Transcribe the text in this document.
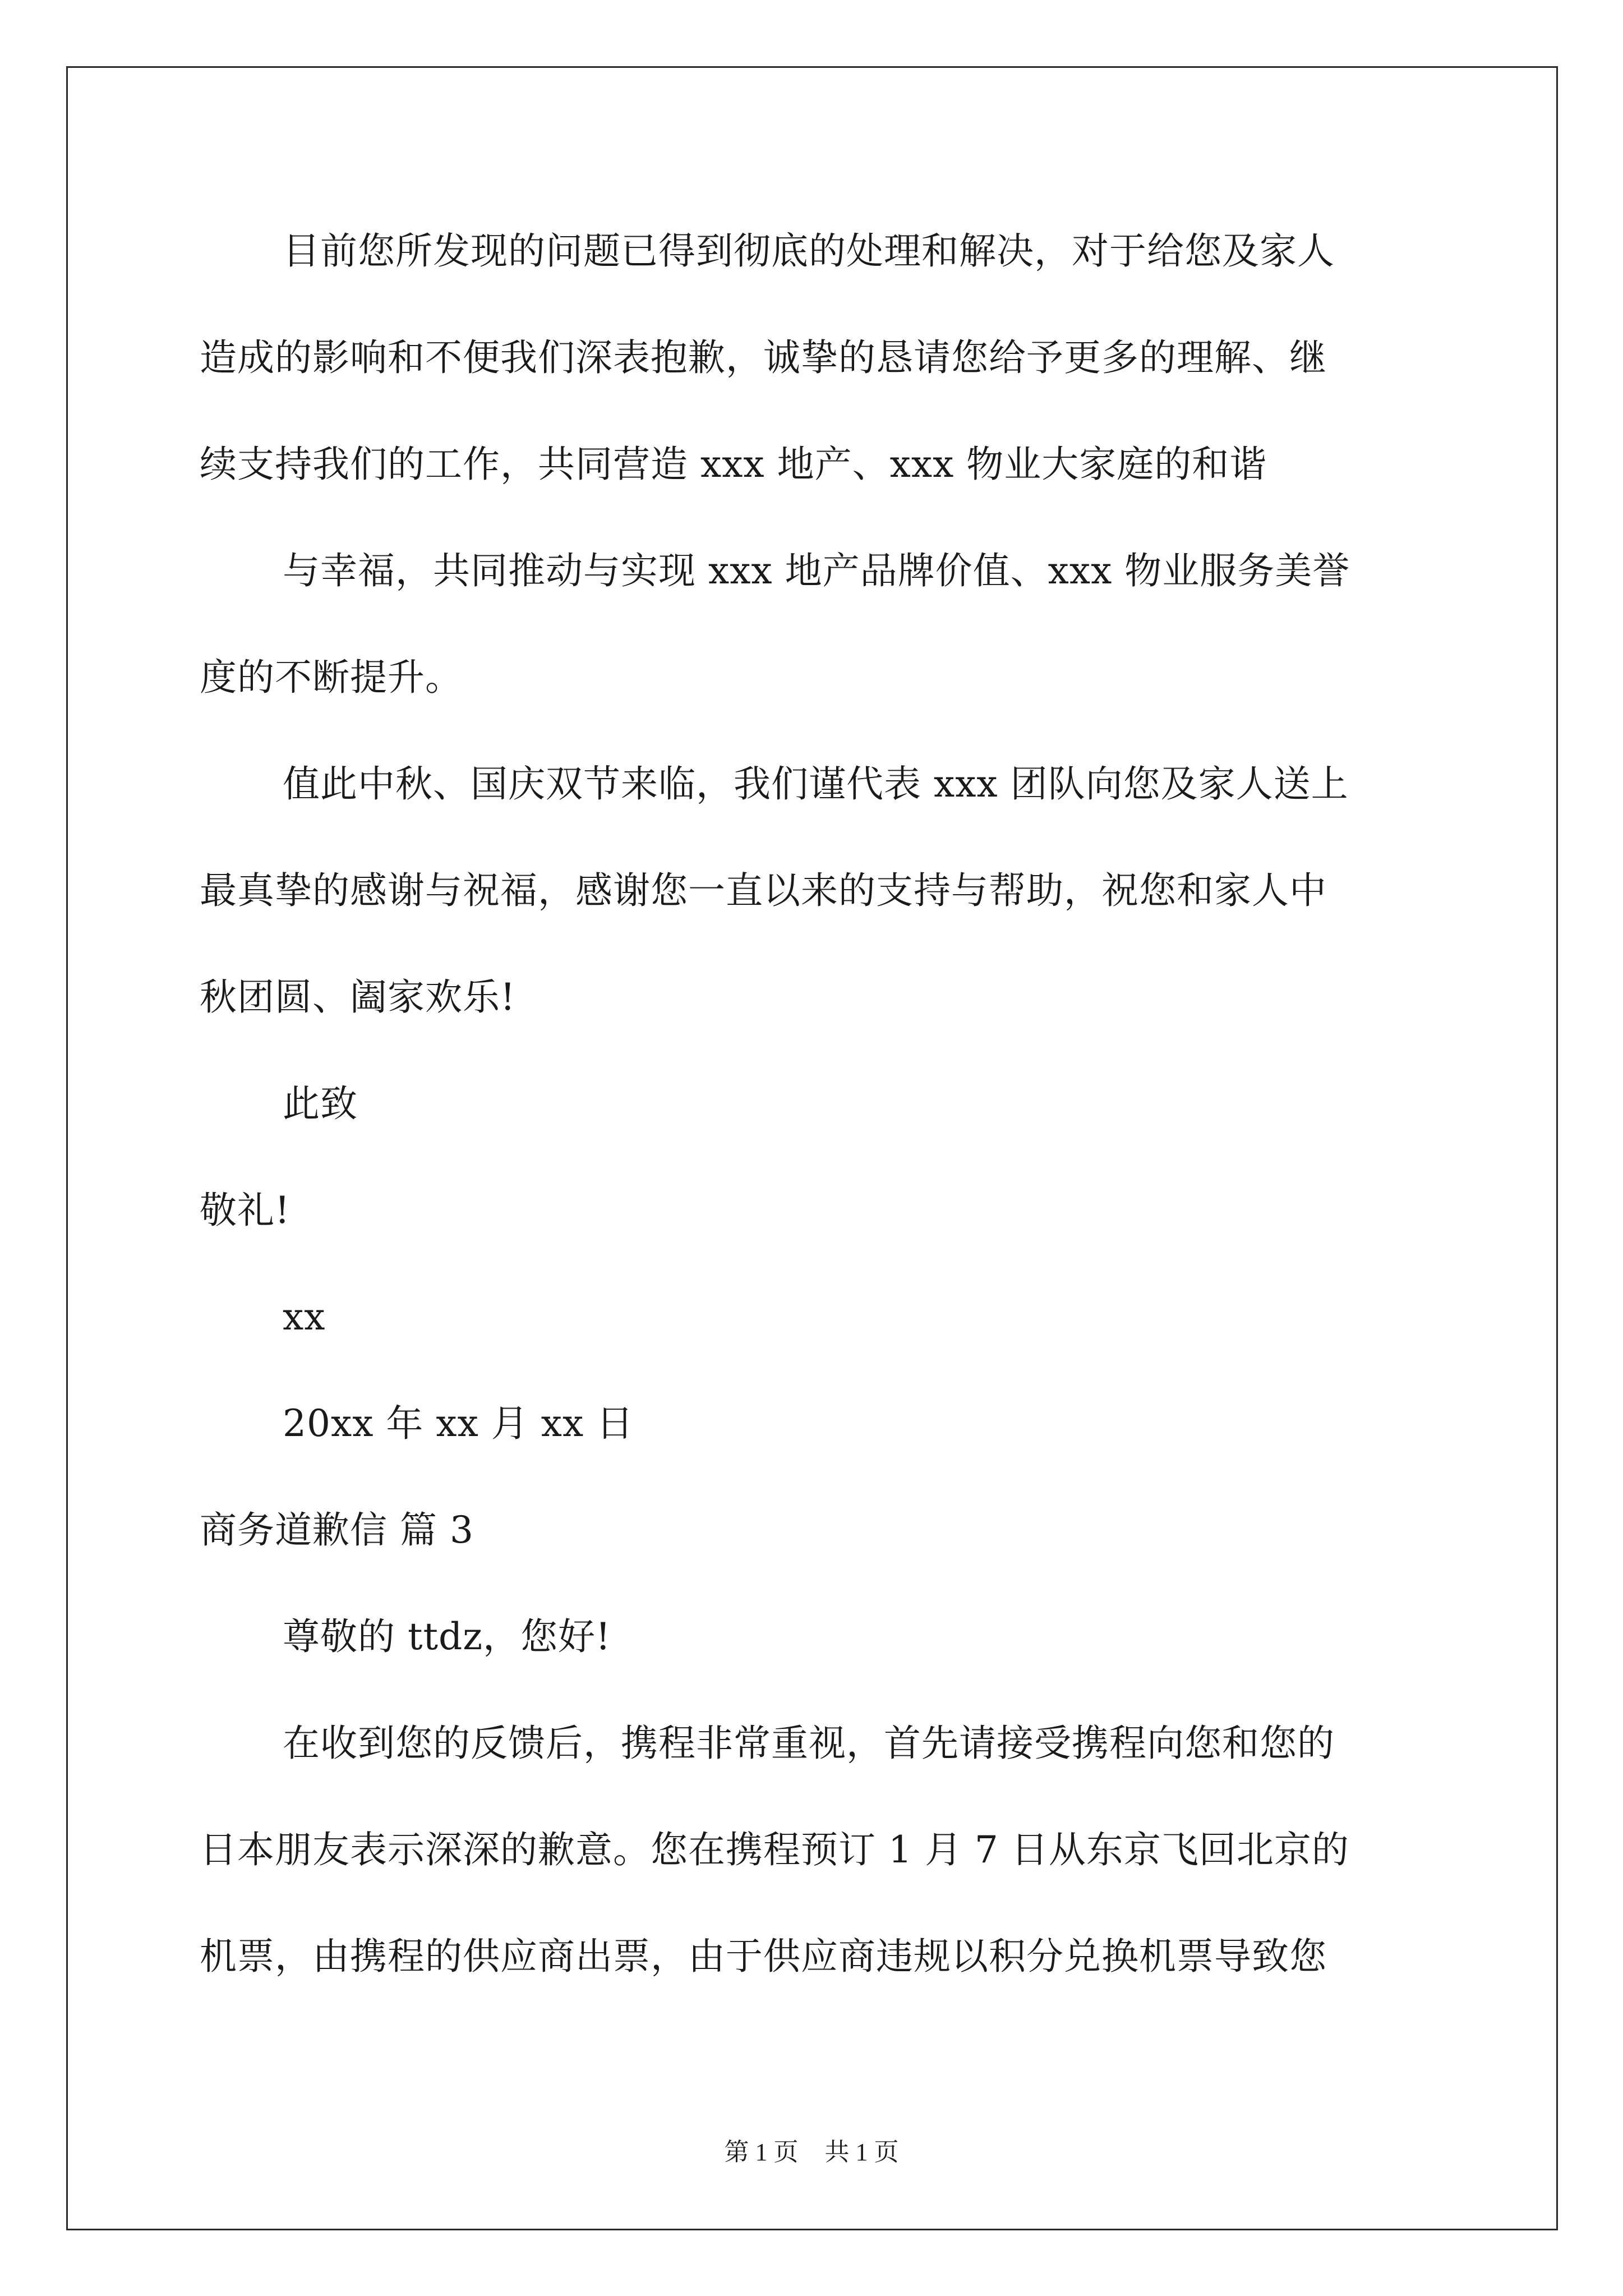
目前您所发现的问题已得到彻底的处理和解决，对于给您及家人
造成的影响和不便我们深表抱歉，诚挚的恳请您给予更多的理解、继
续支持我们的工作，共同营造 xxx 地产、xxx 物业大家庭的和谐
与幸福，共同推动与实现 xxx 地产品牌价值、xxx 物业服务美誉
度的不断提升。
值此中秋、国庆双节来临，我们谨代表 xxx 团队向您及家人送上
最真挚的感谢与祝福，感谢您一直以来的支持与帮助，祝您和家人中
秋团圆、阖家欢乐!
此致
敬礼!
xx
20xx 年 xx 月 xx 日
商务道歉信 篇 3
尊敬的 ttdz，您好!
在收到您的反馈后，携程非常重视，首先请接受携程向您和您的
日本朋友表示深深的歉意。您在携程预订 1 月 7 日从东京飞回北京的
机票，由携程的供应商出票，由于供应商违规以积分兑换机票导致您
第 1 页 共 1 页
